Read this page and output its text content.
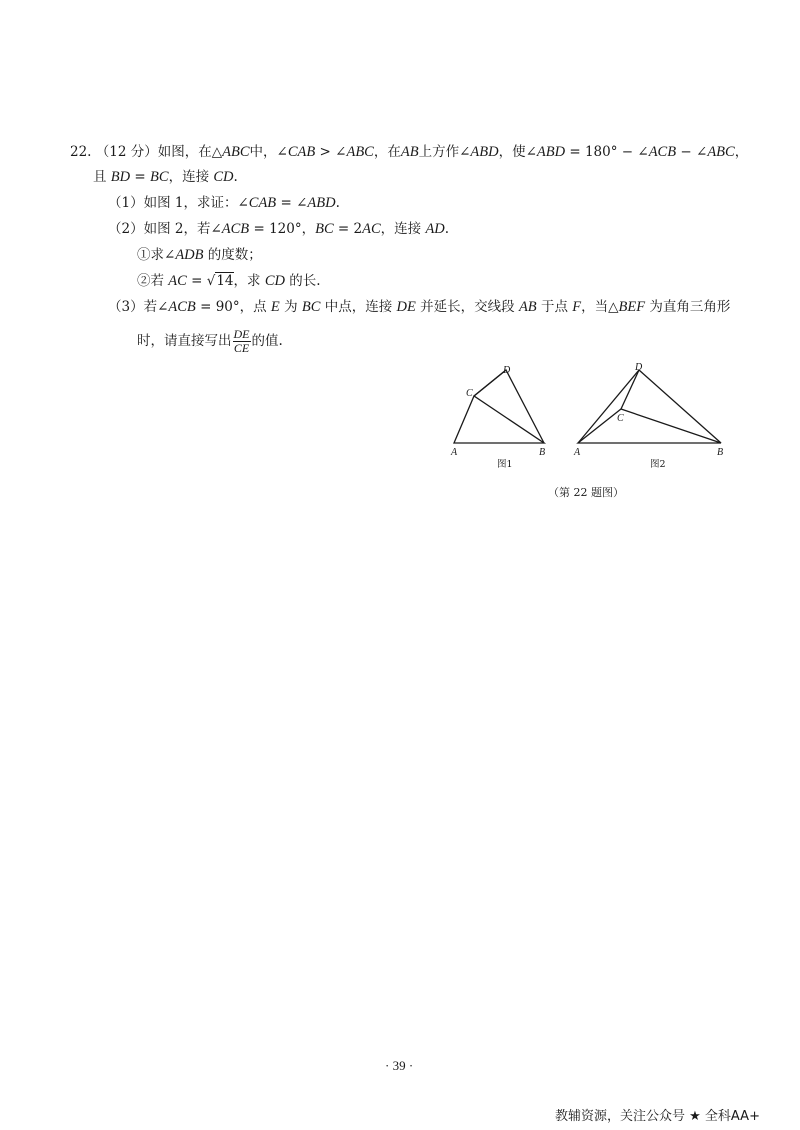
22. （12 分）如图，在△ABC中，∠CAB > ∠ABC，在AB上方作∠ABD，使∠ABD = 180° − ∠ACB − ∠ABC，
且 BD = BC，连接 CD.
（1）如图 1，求证：∠CAB = ∠ABD.
（2）如图 2，若∠ACB = 120°，BC = 2AC，连接 AD.
①求∠ADB 的度数；
②若 AC = √14，求 CD 的长.
（3）若∠ACB = 90°，点 E 为 BC 中点，连接 DE 并延长，交线段 AB 于点 F，当△BEF 为直角三角形
时，请直接写出 $\frac{DE}{CE}$ 的值.
A	B
C
D
图1
A	B
C
D
图2
（第 22 题图）
· 39 ·
教辅资源，关注公众号 ★ 全科AA+
